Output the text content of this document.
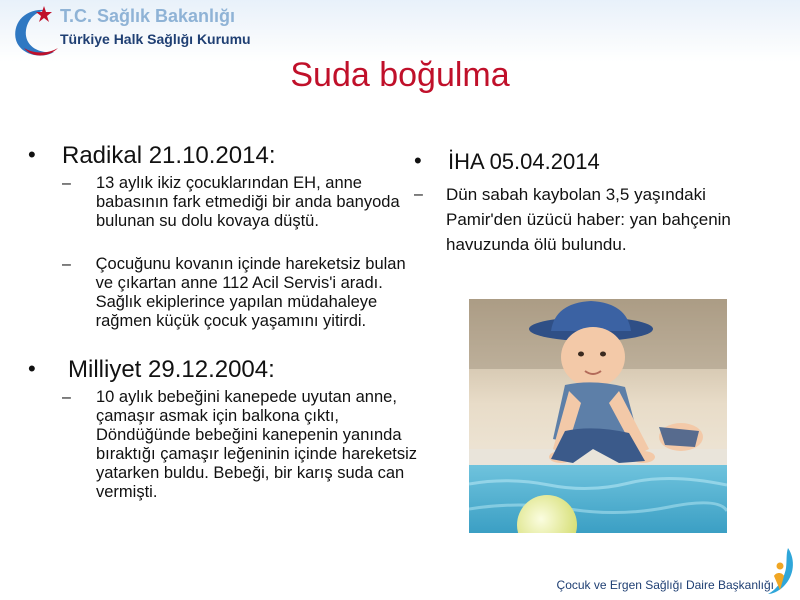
T.C. Sağlık Bakanlığı
Türkiye Halk Sağlığı Kurumu
Suda boğulma
•	Radikal 21.10.2014:
–	13 aylık ikiz çocuklarından EH, anne babasının fark etmediği bir anda banyoda bulunan su dolu kovaya düştü.
–	Çocuğunu kovanın içinde hareketsiz bulan ve çıkartan anne 112 Acil Servis'i aradı. Sağlık ekiplerince yapılan müdahaleye rağmen küçük çocuk yaşamını yitirdi.
•	Milliyet 29.12.2004:
–	10 aylık bebeğini kanepede uyutan anne, çamaşır asmak için balkona çıktı, Döndüğünde bebeğini kanepenin yanında bıraktığı çamaşır leğeninin içinde hareketsiz yatarken buldu. Bebeği, bir karış suda can vermişti.
•	İHA 05.04.2014
–	Dün sabah kaybolan 3,5 yaşındaki Pamir'den üzücü haber: yan bahçenin havuzunda ölü bulundu.
Çocuk ve Ergen Sağlığı Daire Başkanlığı
